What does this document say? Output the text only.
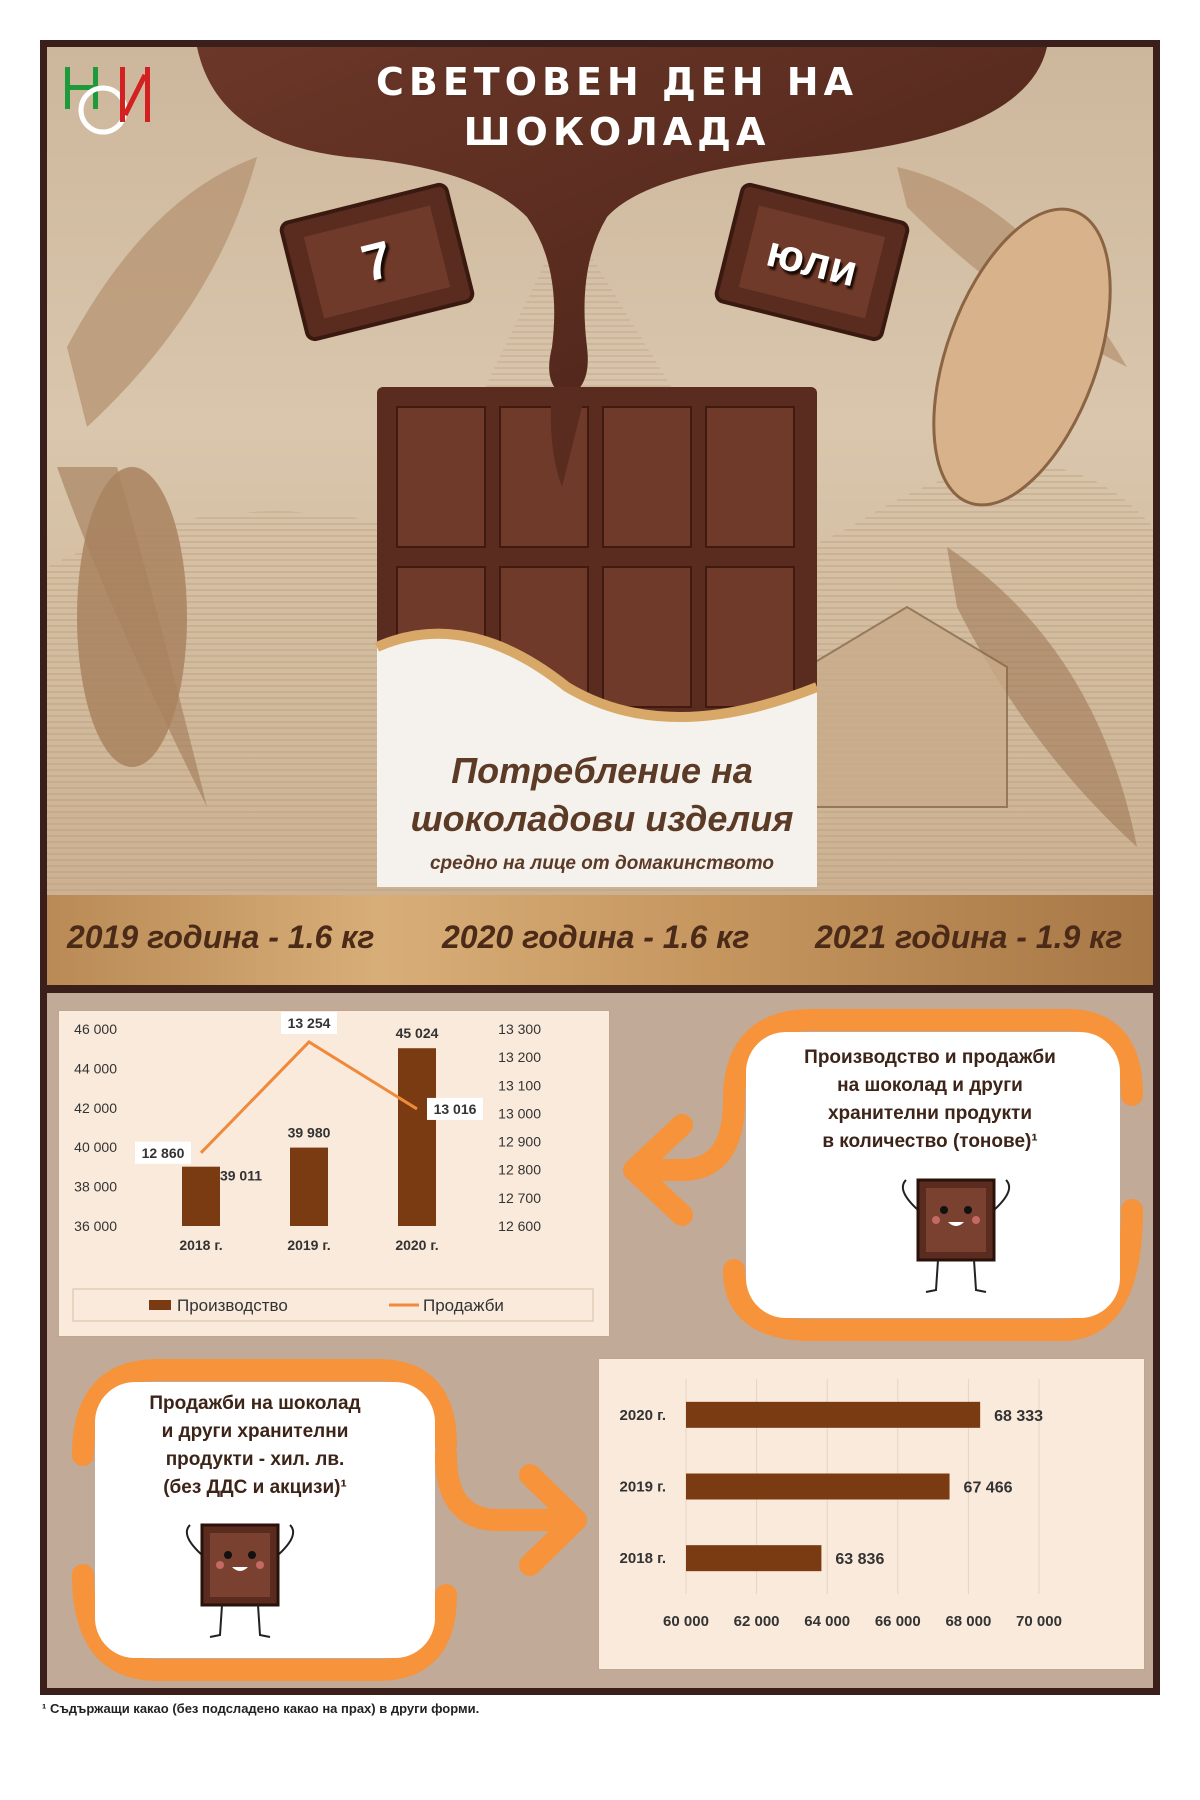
СВЕТОВЕН ДЕН НА
ШОКОЛАДА
7	юли
Потребление на
шоколадови изделия
средно на лице от домакинството
2019 година - 1.6 кг 2020 година - 1.6 кг 2021 година - 1.9 кг
36 000
38 000
40 000
42 000
44 000
46 000
12 600
12 700
12 800
12 900
13 000
13 100
13 200
13 300
2018 г.	2019 г.	2020 г.
39 011
39 980
45 024
12 860
13 254
13 016
Производство	Продажби
Производство и продажби
на шоколад и други
хранителни продукти
в количество (тонове)¹
Продажби на шоколад
и други хранителни
продукти - хил. лв.
(без ДДС и акцизи)¹
60 000 62 000 64 000 66 000 68 000 70 000
2020 г.	68 333
2019 г.	67 466
2018 г.	63 836
¹ Съдържащи какао (без подсладено какао на прах) в други форми.
